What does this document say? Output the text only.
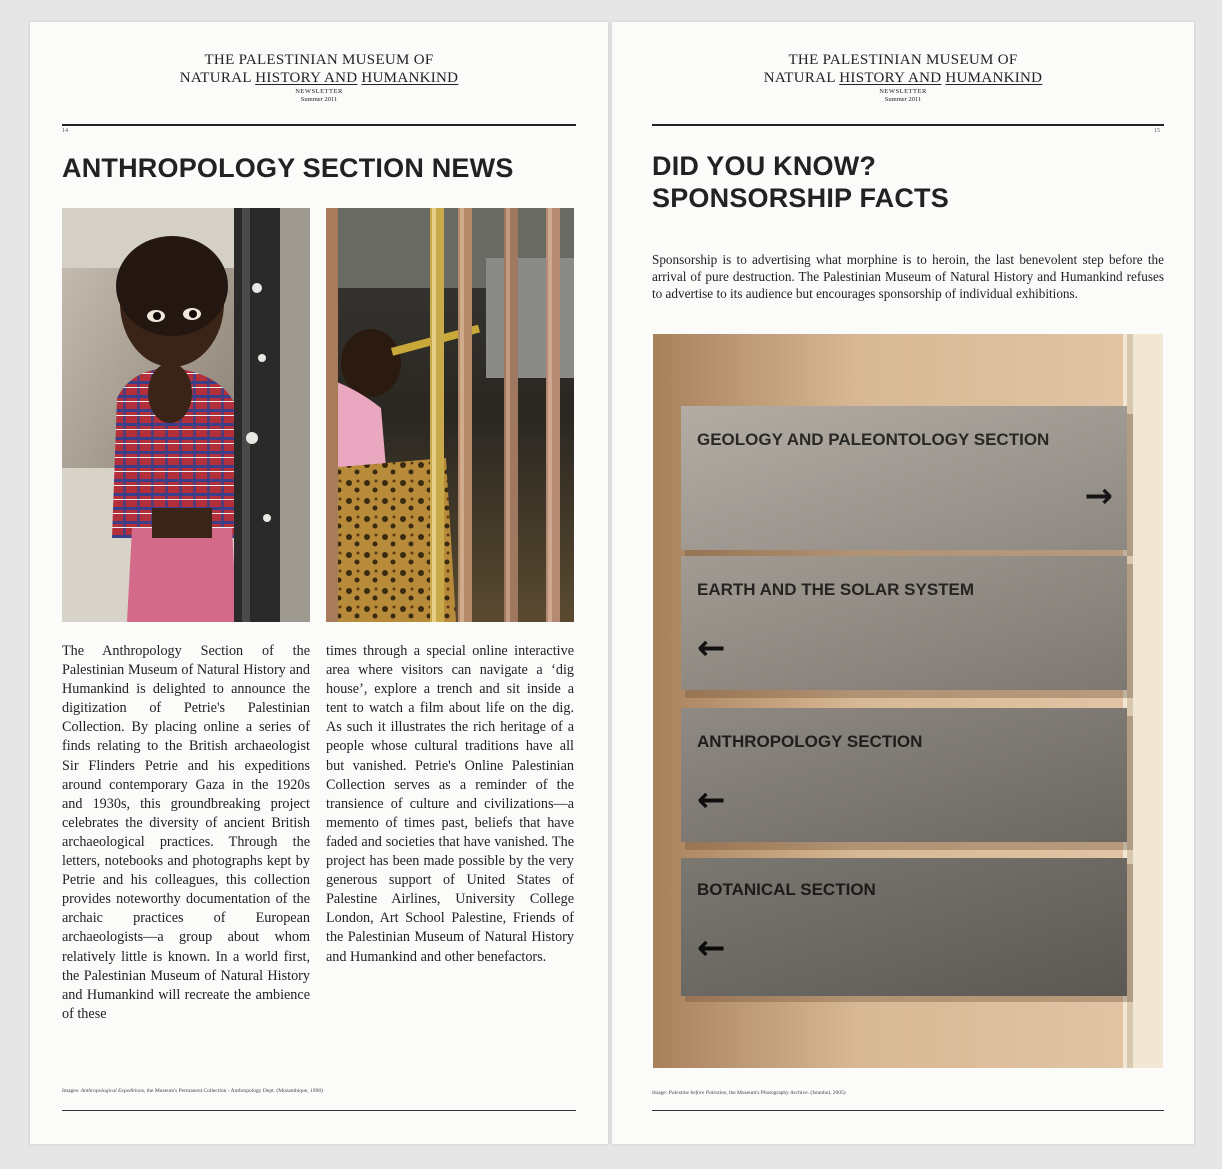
THE PALESTINIAN MUSEUM OF
NATURAL HISTORY AND HUMANKIND
NEWSLETTER
Summer 2011
14
ANTHROPOLOGY SECTION NEWS
The Anthropology Section of the Palestinian Museum of Natural History and Humankind is delighted to announce the digitization of Petrie's Palestinian Collection. By placing online a series of finds relating to the British archaeologist Sir Flinders Petrie and his expeditions around contemporary Gaza in the 1920s and 1930s, this groundbreaking project celebrates the diversity of ancient British archaeological practices. Through the letters, notebooks and photographs kept by Petrie and his colleagues, this collection provides noteworthy documentation of the archaic practices of European archaeologists—a group about whom relatively little is known. In a world first, the Palestinian Museum of Natural History and Humankind will recreate the ambience of these
times through a special online interactive area where visitors can navigate a ‘dig house’, explore a trench and sit inside a tent to watch a film about life on the dig. As such it illustrates the rich heritage of a people whose cultural traditions have all but vanished. Petrie's Online Palestinian Collection serves as a reminder of the transience of culture and civilizations—a memento of times past, beliefs that have faded and societies that have vanished. The project has been made possible by the very generous support of United States of Palestine Airlines, University College London, Art School Palestine, Friends of the Palestinian Museum of Natural History and Humankind and other benefactors.
Images: Anthropological Expeditions, the Museum's Permanent Collection - Anthropology Dept. (Mozambique, 1998)
THE PALESTINIAN MUSEUM OF
NATURAL HISTORY AND HUMANKIND
NEWSLETTER
Summer 2011
15
DID YOU KNOW?
SPONSORSHIP FACTS
Sponsorship is to advertising what morphine is to heroin, the last benevolent step before the arrival of pure destruction. The Palestinian Museum of Natural History and Humankind refuses to advertise to its audience but encourages sponsorship of individual exhibitions.
GEOLOGY AND PALEONTOLOGY SECTION
→
EARTH AND THE SOLAR SYSTEM
←
ANTHROPOLOGY SECTION
←
BOTANICAL SECTION
←
Image: Palestine before Palestine, the Museum's Photography Archive. (Istanbul, 2005)
